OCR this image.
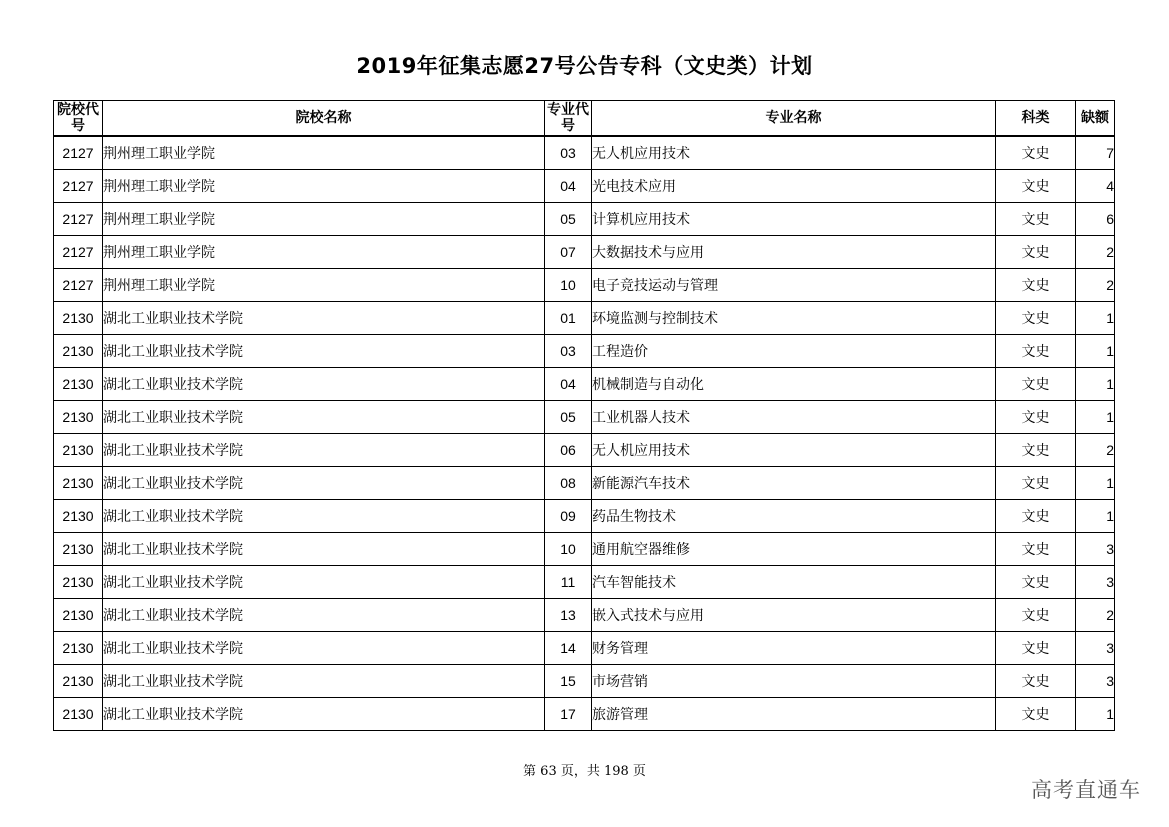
2019年征集志愿27号公告专科（文史类）计划
院校代号	院校名称	专业代号	专业名称	科类	缺额
2127	荆州理工职业学院	03	无人机应用技术	文史	7
2127	荆州理工职业学院	04	光电技术应用	文史	4
2127	荆州理工职业学院	05	计算机应用技术	文史	6
2127	荆州理工职业学院	07	大数据技术与应用	文史	2
2127	荆州理工职业学院	10	电子竞技运动与管理	文史	2
2130	湖北工业职业技术学院	01	环境监测与控制技术	文史	1
2130	湖北工业职业技术学院	03	工程造价	文史	1
2130	湖北工业职业技术学院	04	机械制造与自动化	文史	1
2130	湖北工业职业技术学院	05	工业机器人技术	文史	1
2130	湖北工业职业技术学院	06	无人机应用技术	文史	2
2130	湖北工业职业技术学院	08	新能源汽车技术	文史	1
2130	湖北工业职业技术学院	09	药品生物技术	文史	1
2130	湖北工业职业技术学院	10	通用航空器维修	文史	3
2130	湖北工业职业技术学院	11	汽车智能技术	文史	3
2130	湖北工业职业技术学院	13	嵌入式技术与应用	文史	2
2130	湖北工业职业技术学院	14	财务管理	文史	3
2130	湖北工业职业技术学院	15	市场营销	文史	3
2130	湖北工业职业技术学院	17	旅游管理	文史	1
第 63 页，共 198 页
高考直通车
